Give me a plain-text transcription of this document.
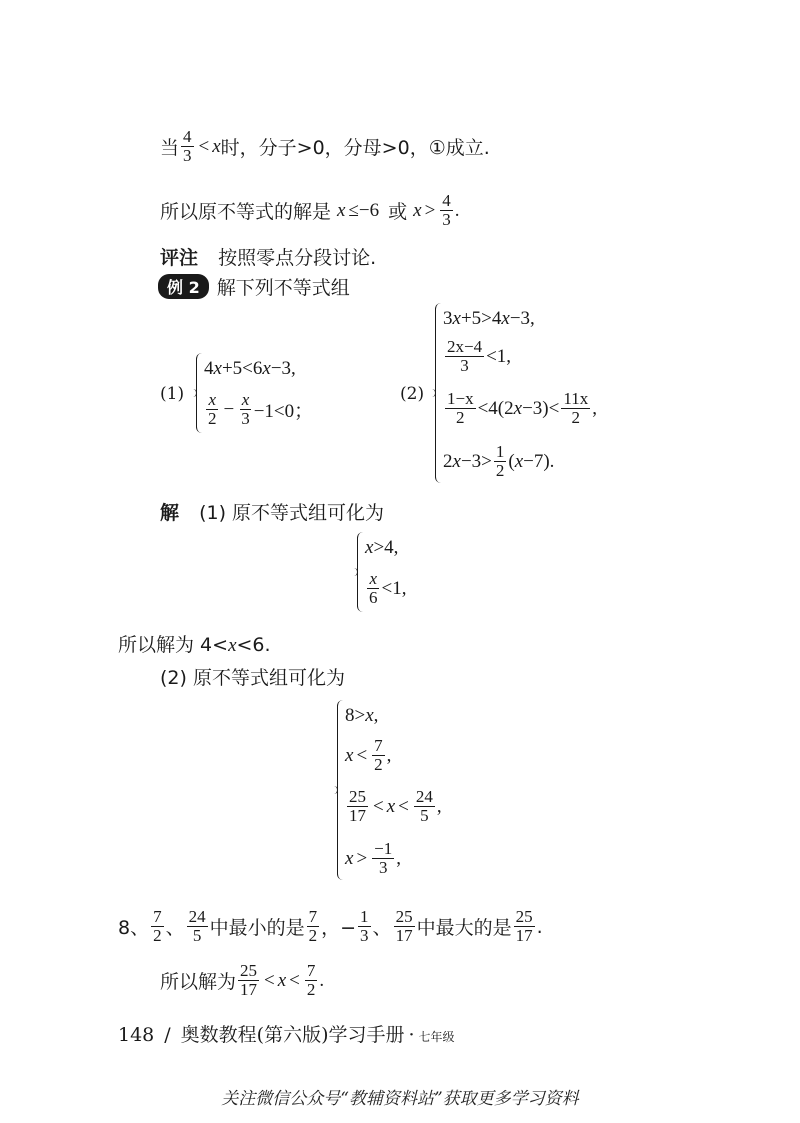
当 $\frac{4}{3} < x$ 时，分子>0，分母>0，①成立.
所以原不等式的解是 x ≤−6 或 $x > \frac{4}{3}$ .
评注 按照零点分段讨论.
例 2 解下列不等式组
(1)
4 x +5<6 x −3,
$\frac{x}{2} - \frac{x}{3} -1<0$；
(2)
3 x +5>4 x −3,
$\frac{2x-4}{3} <1$,
$\frac{1-x}{2} <4(2$ $x -3)< \frac{11x}{2}$ ,
2 $x -3> \frac{1}{2}$ ( x −7).
解 (1) 原不等式组可化为
x >4,
$\frac{x}{6} <1$,
所以解为 4<x<6.
(2) 原不等式组可化为
8> x ,
$x < \frac{7}{2}$ ,
$\frac{25}{17} < x < \frac{24}{5}$ ,
$x > \frac{-1}{3}$ ,
8、 $\frac{7}{2}$ 、 $\frac{24}{5}$ 中最小的是 $\frac{7}{2}$ ，− $\frac{1}{3}$ 、 $\frac{25}{17}$ 中最大的是 $\frac{25}{17}$ .
所以解为 $\frac{25}{17} < x < \frac{7}{2}$ .
148 / 奥数教程(第六版)学习手册 · 七年级
关注微信公众号“教辅资料站”获取更多学习资料
